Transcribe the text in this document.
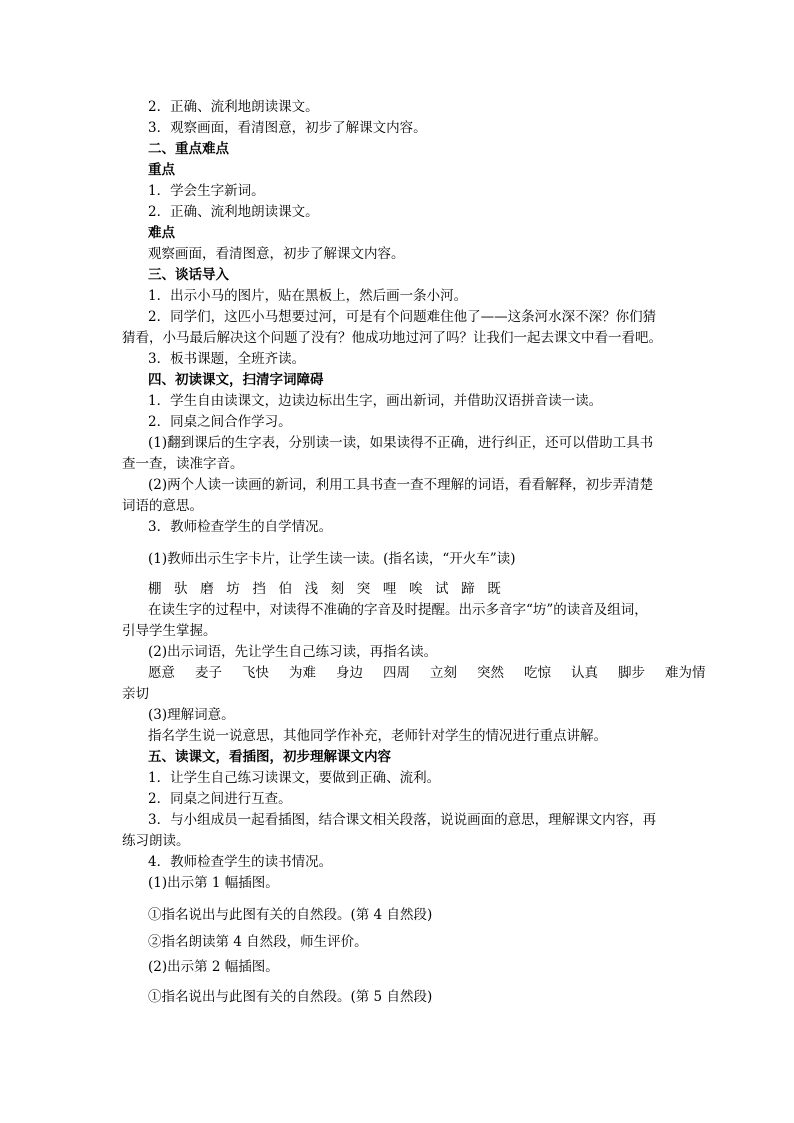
2．正确、流利地朗读课文。
3．观察画面，看清图意，初步了解课文内容。
二、重点难点
重点
1．学会生字新词。
2．正确、流利地朗读课文。
难点
观察画面，看清图意，初步了解课文内容。
三、谈话导入
1．出示小马的图片，贴在黑板上，然后画一条小河。
2．同学们，这匹小马想要过河，可是有个问题难住他了——这条河水深不深？你们猜
猜看，小马最后解决这个问题了没有？他成功地过河了吗？让我们一起去课文中看一看吧。
3．板书课题，全班齐读。
四、初读课文，扫清字词障碍
1．学生自由读课文，边读边标出生字，画出新词，并借助汉语拼音读一读。
2．同桌之间合作学习。
(1)翻到课后的生字表，分别读一读，如果读得不正确，进行纠正，还可以借助工具书
查一查，读准字音。
(2)两个人读一读画的新词，利用工具书查一查不理解的词语，看看解释，初步弄清楚
词语的意思。
3．教师检查学生的自学情况。
(1)教师出示生字卡片，让学生读一读。(指名读，“开火车”读)
棚 驮 磨 坊 挡 伯 浅 刻 突 哩 唉 试 蹄 既
在读生字的过程中，对读得不准确的字音及时提醒。出示多音字“坊”的读音及组词，
引导学生掌握。
(2)出示词语，先让学生自己练习读，再指名读。
愿意 麦子 飞快 为难 身边 四周 立刻 突然 吃惊 认真 脚步 难为情
亲切
(3)理解词意。
指名学生说一说意思，其他同学作补充，老师针对学生的情况进行重点讲解。
五、读课文，看插图，初步理解课文内容
1．让学生自己练习读课文，要做到正确、流利。
2．同桌之间进行互查。
3．与小组成员一起看插图，结合课文相关段落，说说画面的意思，理解课文内容，再
练习朗读。
4．教师检查学生的读书情况。
(1)出示第 1 幅插图。
①指名说出与此图有关的自然段。(第 4 自然段)
②指名朗读第 4 自然段，师生评价。
(2)出示第 2 幅插图。
①指名说出与此图有关的自然段。(第 5 自然段)
